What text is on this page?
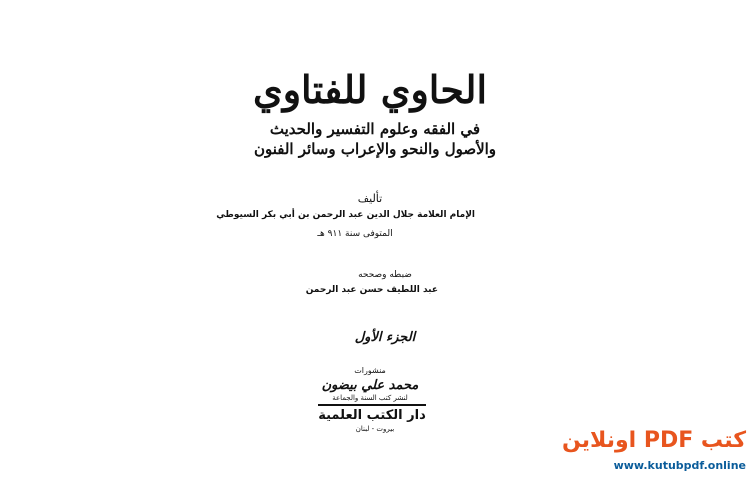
الحاوي للفتاوي
في الفقه وعلوم التفسير والحديث
والأصول والنحو والإعراب وسائر الفنون
تأليف
الإمام العلامة جلال الدين عبد الرحمن بن أبي بكر السيوطي
المتوفى سنة ٩١١ هـ
ضبطه وصححه
عبد اللطيف حسن عبد الرحمن
الجزء الأول
منشورات
محمد علي بيضون
لنشر كتب السنة والجماعة
دار الكتب العلمية
بيروت - لبنان	كتب PDF اونلاين
www.kutubpdf.online
